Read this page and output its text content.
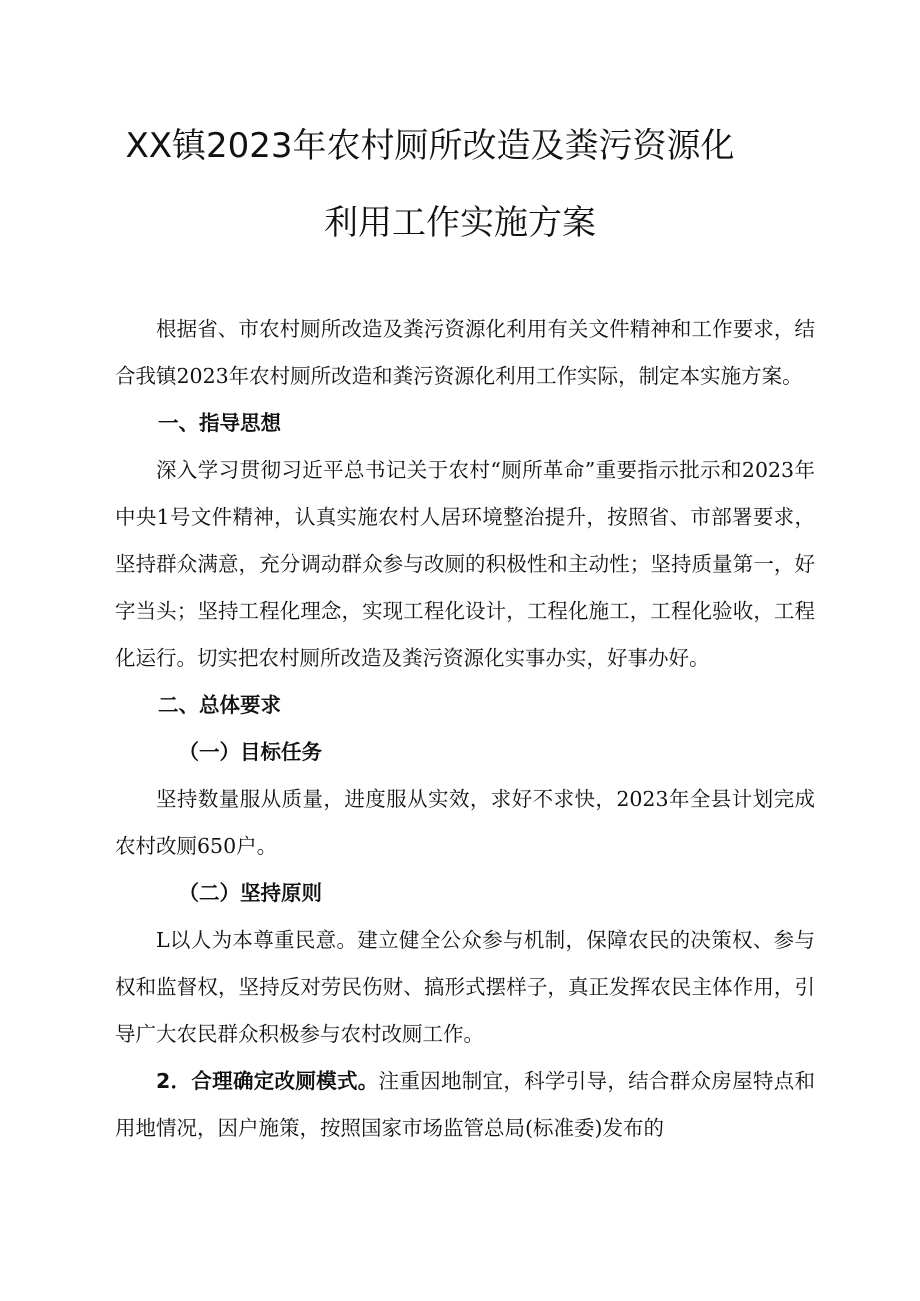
XX镇2023年农村厕所改造及粪污资源化
利用工作实施方案

根据省、市农村厕所改造及粪污资源化利用有关文件精神和工作要求，结合我镇2023年农村厕所改造和粪污资源化利用工作实际，制定本实施方案。

一、指导思想

深入学习贯彻习近平总书记关于农村“厕所革命”重要指示批示和2023年中央1号文件精神，认真实施农村人居环境整治提升，按照省、市部署要求，坚持群众满意，充分调动群众参与改厕的积极性和主动性；坚持质量第一，好字当头；坚持工程化理念，实现工程化设计，工程化施工，工程化验收，工程化运行。切实把农村厕所改造及粪污资源化实事办实，好事办好。

二、总体要求

（一）目标任务

坚持数量服从质量，进度服从实效，求好不求快，2023年全县计划完成农村改厕650户。

（二）坚持原则

L以人为本尊重民意。建立健全公众参与机制，保障农民的决策权、参与权和监督权，坚持反对劳民伤财、搞形式摆样子，真正发挥农民主体作用，引导广大农民群众积极参与农村改厕工作。

2．合理确定改厕模式。注重因地制宜，科学引导，结合群众房屋特点和用地情况，因户施策，按照国家市场监管总局(标准委)发布的
